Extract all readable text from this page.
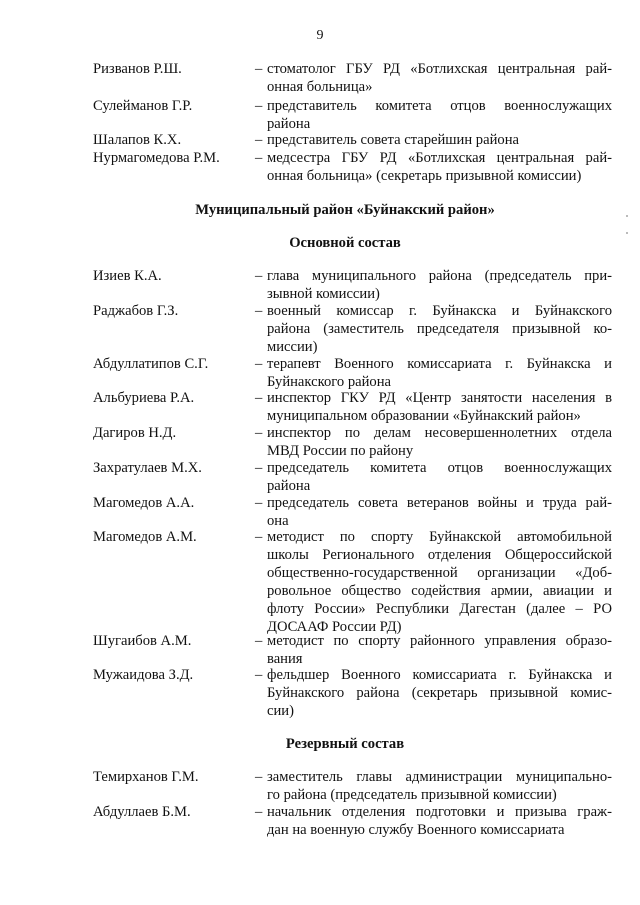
9
Ризванов Р.Ш.	– стоматолог ГБУ РД «Ботлихская центральная рай-
онная больница»
Сулейманов Г.Р.	– представитель комитета отцов военнослужащих
района
Шалапов К.Х.	– представитель совета старейшин района
Нурмагомедова Р.М. – медсестра ГБУ РД «Ботлихская центральная рай-
онная больница» (секретарь призывной комиссии)
Муниципальный район «Буйнакский район»
Основной состав
Изиев К.А.	– глава муниципального района (председатель при-
зывной комиссии)
Раджабов Г.З.	– военный комиссар г. Буйнакска и Буйнакского
района (заместитель председателя призывной ко-
миссии)
Абдуллатипов С.Г.	– терапевт Военного комиссариата г. Буйнакска и
Буйнакского района
Альбуриева Р.А.	– инспектор ГКУ РД «Центр занятости населения в
муниципальном образовании «Буйнакский район»
Дагиров Н.Д.	– инспектор по делам несовершеннолетних отдела
МВД России по району
Захратулаев М.Х.	– председатель комитета отцов военнослужащих
района
Магомедов А.А.	– председатель совета ветеранов войны и труда рай-
она
Магомедов А.М.	– методист по спорту Буйнакской автомобильной
школы Регионального отделения Общероссийской
общественно-государственной организации «Доб-
ровольное общество содействия армии, авиации и
флоту России» Республики Дагестан (далее – РО
ДОСААФ России РД)
Шугаибов А.М.	– методист по спорту районного управления образо-
вания
Мужаидова З.Д.	– фельдшер Военного комиссариата г. Буйнакска и
Буйнакского района (секретарь призывной комис-
сии)
Резервный состав
Темирханов Г.М.	– заместитель главы администрации муниципально-
го района (председатель призывной комиссии)
Абдуллаев Б.М.	– начальник отделения подготовки и призыва граж-
дан на военную службу Военного комиссариата
